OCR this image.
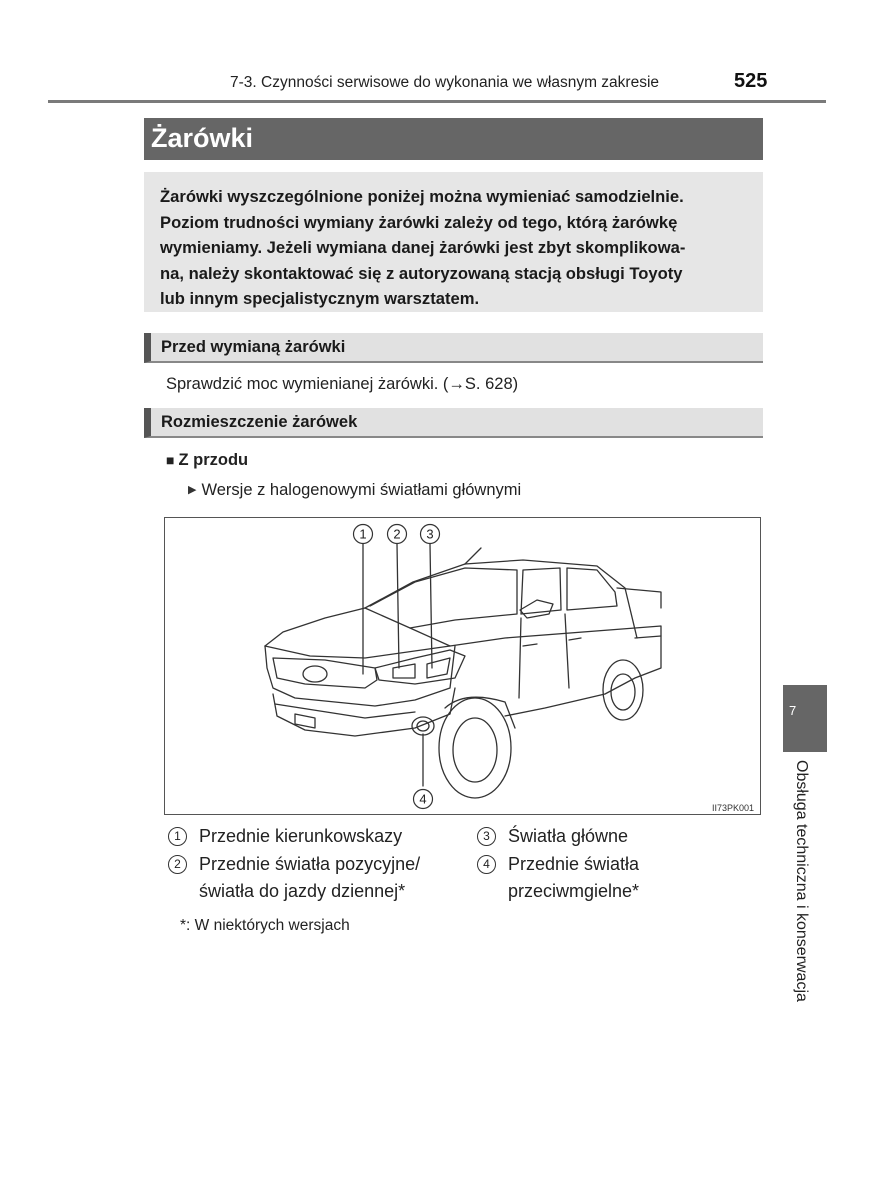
7-3. Czynności serwisowe do wykonania we własnym zakresie	525
Żarówki
Żarówki wyszczególnione poniżej można wymieniać samodzielnie.
Poziom trudności wymiany żarówki zależy od tego, którą żarówkę
wymieniamy. Jeżeli wymiana danej żarówki jest zbyt skomplikowa-
na, należy skontaktować się z autoryzowaną stacją obsługi Toyoty
lub innym specjalistycznym warsztatem.
Przed wymianą żarówki
Sprawdzić moc wymienianej żarówki. (→S. 628)
Rozmieszczenie żarówek
■ Z przodu
▶ Wersje z halogenowymi światłami głównymi
1 2 3
4
II73PK001
1	Przednie kierunkowskazy
2	Przednie światła pozycyjne/
światła do jazdy dziennej*
3	Światła główne
4	Przednie światła
przeciwmgielne*
*: W niektórych wersjach
7
Obsługa techniczna i konserwacja
